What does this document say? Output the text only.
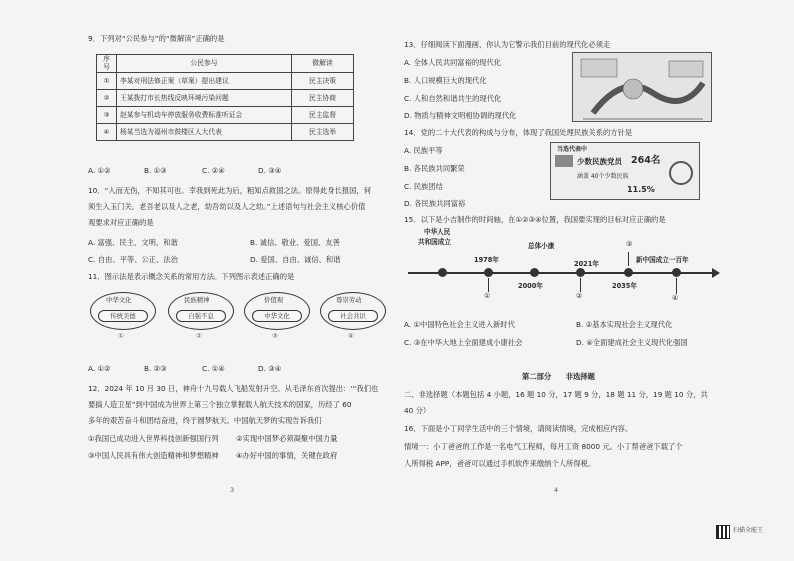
9．下列对“公民参与”的“微解读”正确的是
序号	公民参与	微解读
①	李某对刑法修正案（草案）提出建议	民主决策
②	王某拨打市长热线反映环境污染问题	民主协商
③	赵某参与机动车停放服务收费标准听证会	民主监督
④	杨某当选为福州市鼓楼区人大代表	民主选举
A. ①②	B. ①③	C. ②④	D. ③④
10．“入而无伤，不知其可也。幸我到死此为后，粗知点救国之法。原得此身长报国，何
须生入玉门关。老吾老以及人之老，幼吾幼以及人之幼。”上述语句与社会主义核心价值
观要求对应正确的是
A. 富强、民主、文明、和谐	B. 诚信、敬业、爱国、友善
C. 自由、平等、公正、法治	D. 爱国、自由、诚信、和谐
11．图示法是表示概念关系的常用方法。下列图示表述正确的是
中华文化
传统美德
①
民族精神
自强不息
②
价值观
中华文化
③
尊崇劳动
社会共识
④
A. ①②	B. ②③	C. ①④	D. ③④
12．2024 年 10 月 30 日，神舟十九号载人飞船发射升空。从毛泽东首次提出：‘“我们也
要搞人造卫星”到中国成为世界上第三个独立掌握载人航天技术的国家，历经了 60
多年的艰苦奋斗和团结奋进，终于圆梦航天。中国航天梦的实现告诉我们
①我国已成功进入世界科技创新强国行列 ②实现中国梦必须凝聚中国力量
③中国人民具有伟大创造精神和梦想精神 ④办好中国的事情，关键在政府
3
13．仔细阅读下面漫画，你认为它警示我们目前的现代化必须走
A. 全体人民共同富裕的现代化
B. 人口规模巨大的现代化
C. 人和自然和谐共生的现代化
D. 物质与精神文明相协调的现代化
14．党的二十大代表的构成与分布，体现了我国处理民族关系的方针是
A. 民族平等
B. 各民族共同繁荣
C. 民族团结
D. 各民族共同富裕
当选代表中
少数民族党员 264名
涵盖 40个少数民族
11.5%
15．以下是小吉制作的时间轴，在①②③④位置，我国要实现的目标对应正确的是
中华人民
共和国成立
1978年
总体小康
2021年	新中国成立一百年
③
①
2000年
②
2035年
④
A. ①中国特色社会主义进入新时代	B. ②基本实现社会主义现代化
C. ③在中华大地上全面建成小康社会	D. ④全面建成社会主义现代化强国
第二部分　　非选择题
二、非选择题（本题包括 4 小题，16 题 10 分，17 题 9 分，18 题 11 分，19 题 10 分，共
40 分）
16．下面是小丁同学生活中的三个情境，请阅读情境，完成相应内容。
情境一：小丁爸爸的工作是一名电气工程师，每月工资 8000 元。小丁帮爸爸下载了个
人所得税 APP，爸爸可以通过手机软件来缴纳个人所得税。
4
扫描全能王
